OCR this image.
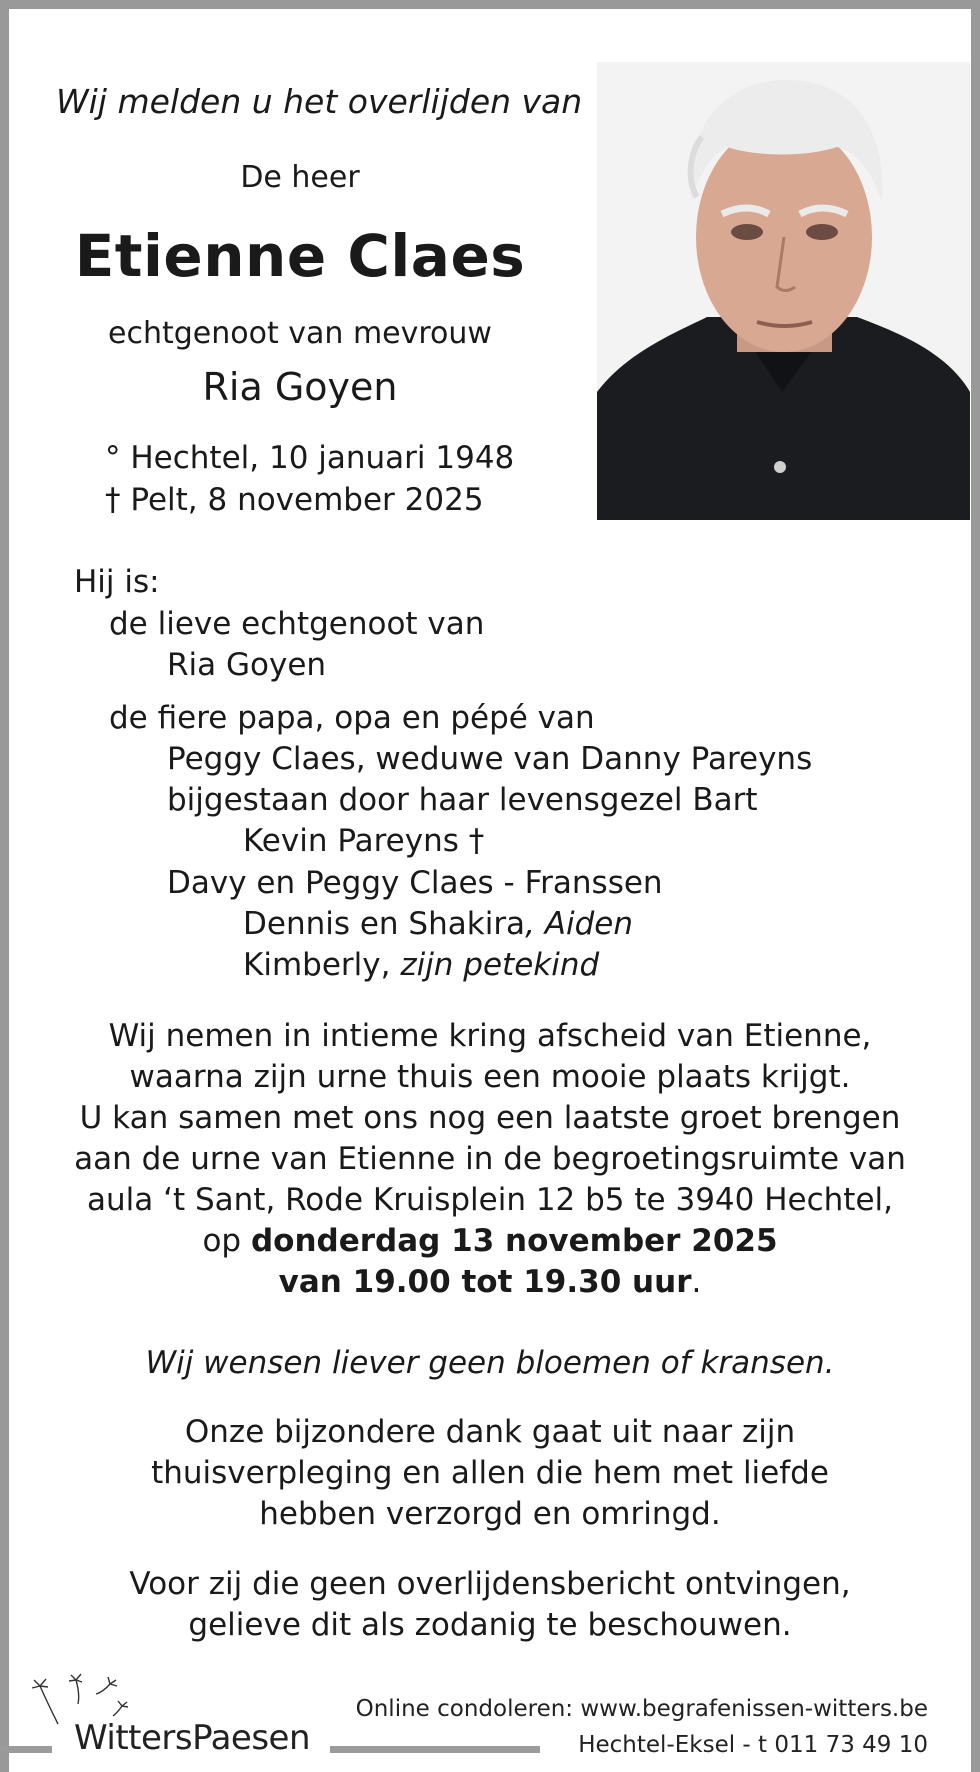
Wij melden u het overlijden van
De heer
Etienne Claes
echtgenoot van mevrouw
Ria Goyen
° Hechtel, 10 januari 1948
† Pelt, 8 november 2025
Hij is:
de lieve echtgenoot van
Ria Goyen
de fiere papa, opa en pépé van
Peggy Claes, weduwe van Danny Pareyns
bijgestaan door haar levensgezel Bart
Kevin Pareyns †
Davy en Peggy Claes - Franssen
Dennis en Shakira, Aiden
Kimberly, zijn petekind
Wij nemen in intieme kring afscheid van Etienne,
waarna zijn urne thuis een mooie plaats krijgt.
U kan samen met ons nog een laatste groet brengen
aan de urne van Etienne in de begroetingsruimte van
aula ‘t Sant, Rode Kruisplein 12 b5 te 3940 Hechtel,
op donderdag 13 november 2025
van 19.00 tot 19.30 uur.
Wij wensen liever geen bloemen of kransen.
Onze bijzondere dank gaat uit naar zijn
thuisverpleging en allen die hem met liefde
hebben verzorgd en omringd.
Voor zij die geen overlijdensbericht ontvingen,
gelieve dit als zodanig te beschouwen.
WittersPaesen
Online condoleren: www.begrafenissen-witters.be
Hechtel-Eksel - t 011 73 49 10
